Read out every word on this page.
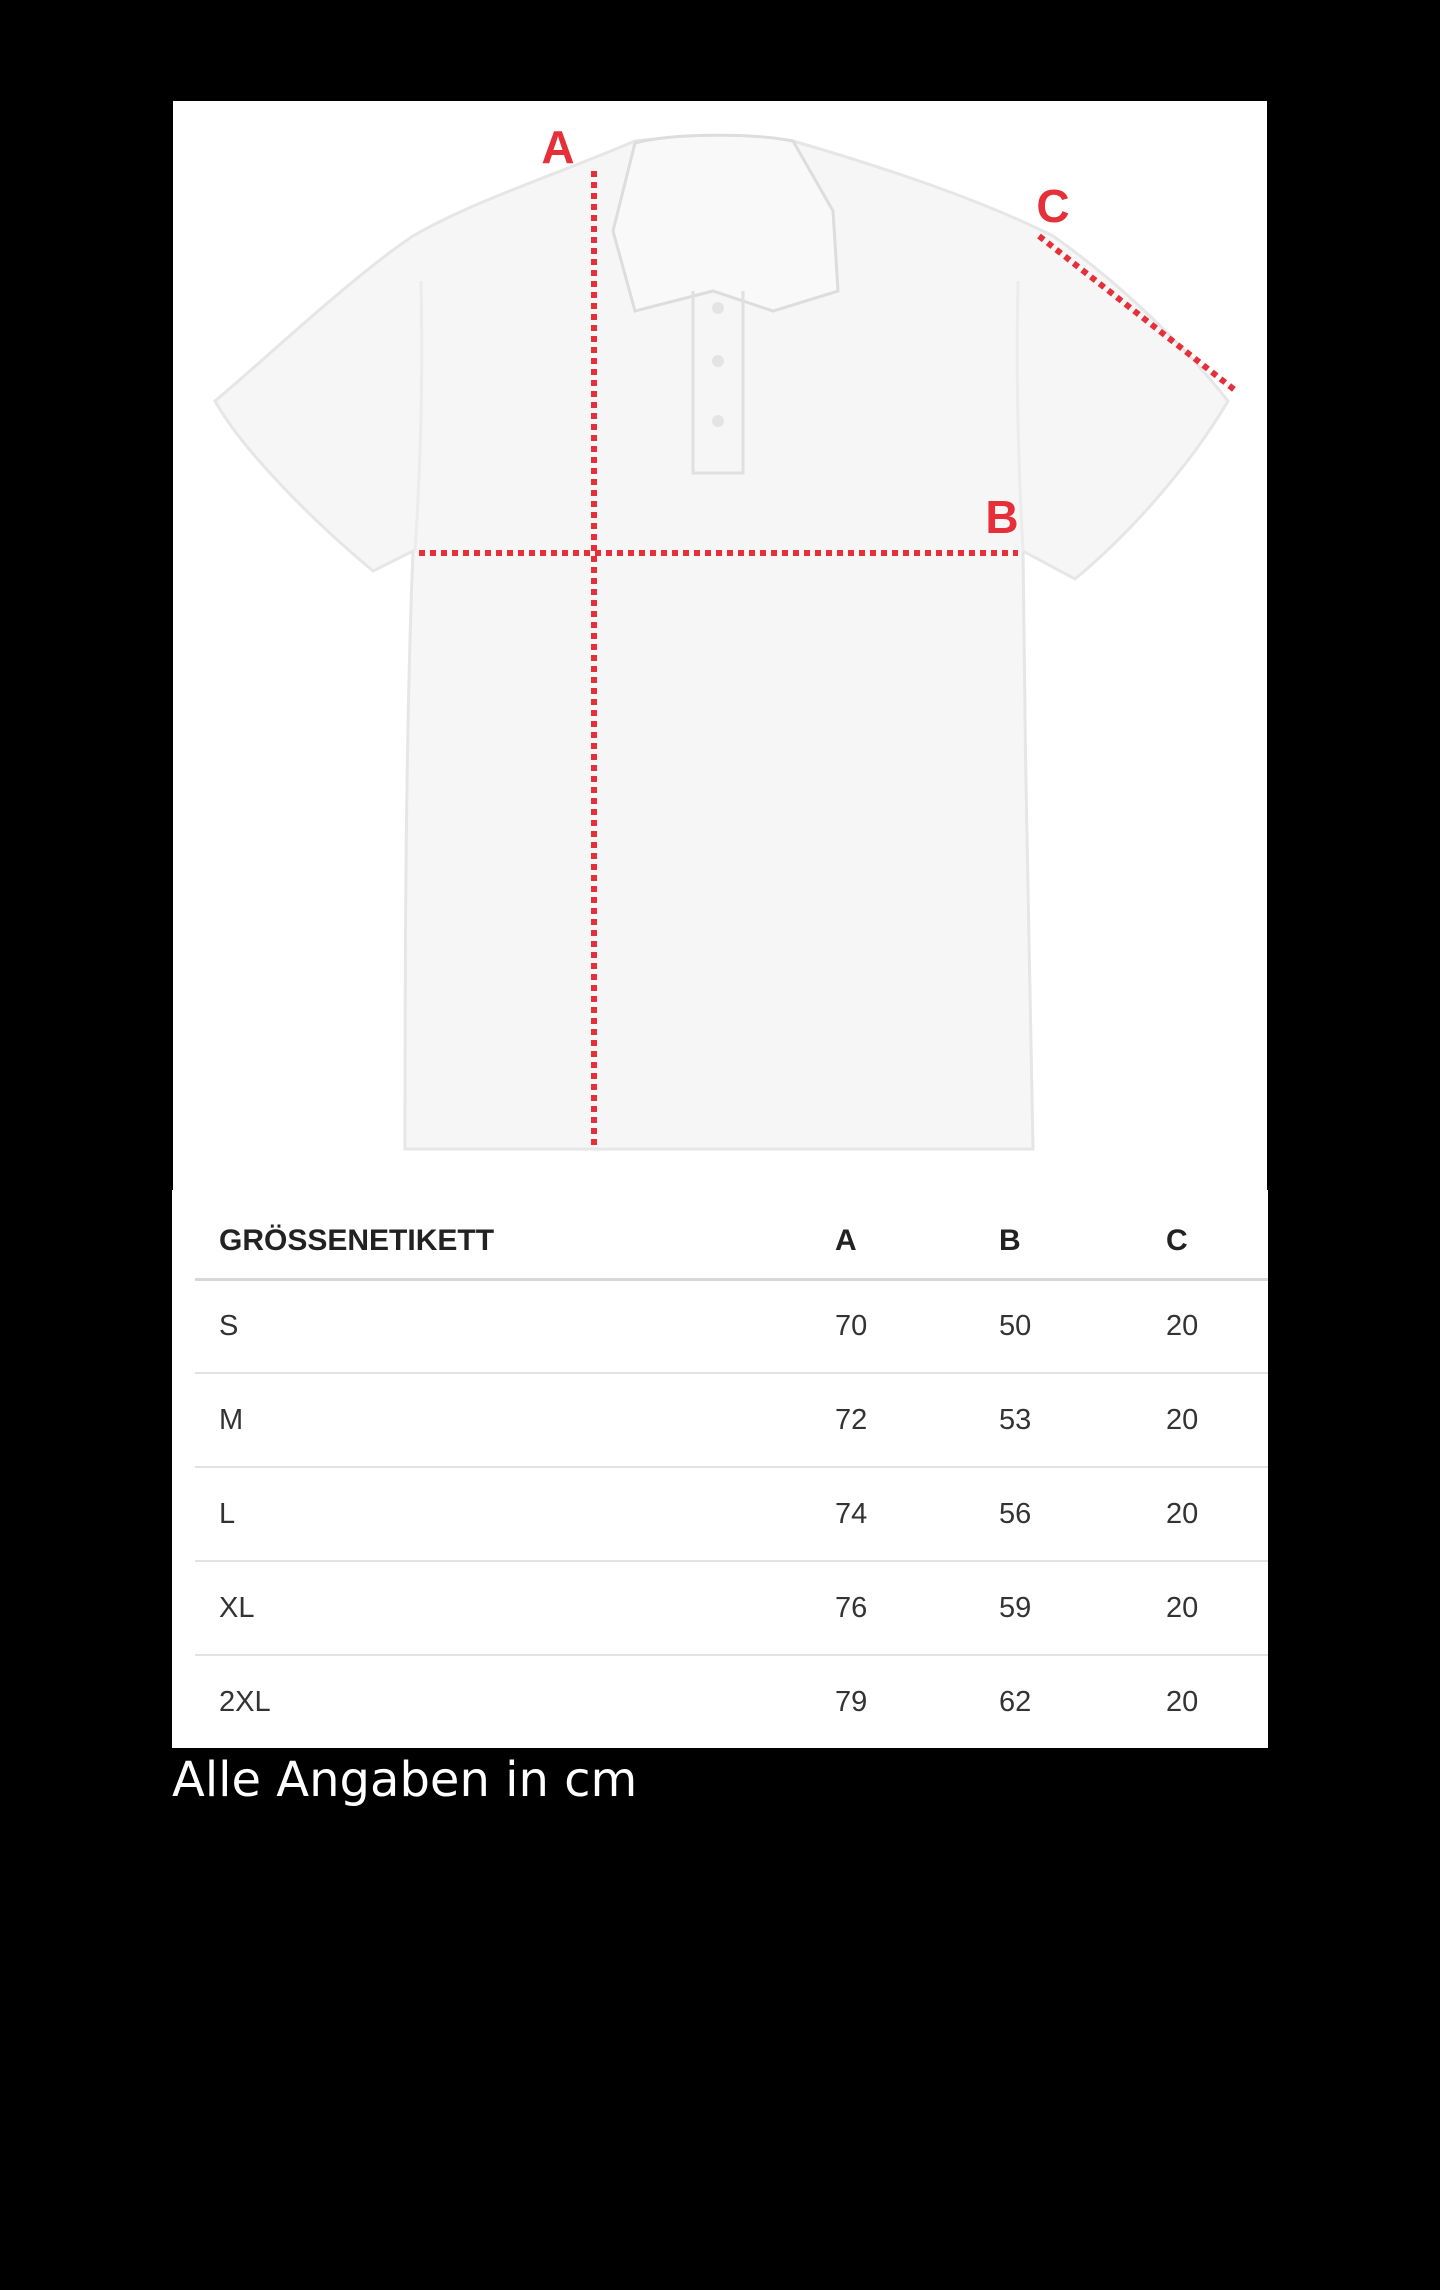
A
B
C
GRÖSSENETIKETT	A	B	C
S	70	50	20
M	72	53	20
L	74	56	20
XL	76	59	20
2XL	79	62	20
Alle Angaben in cm
